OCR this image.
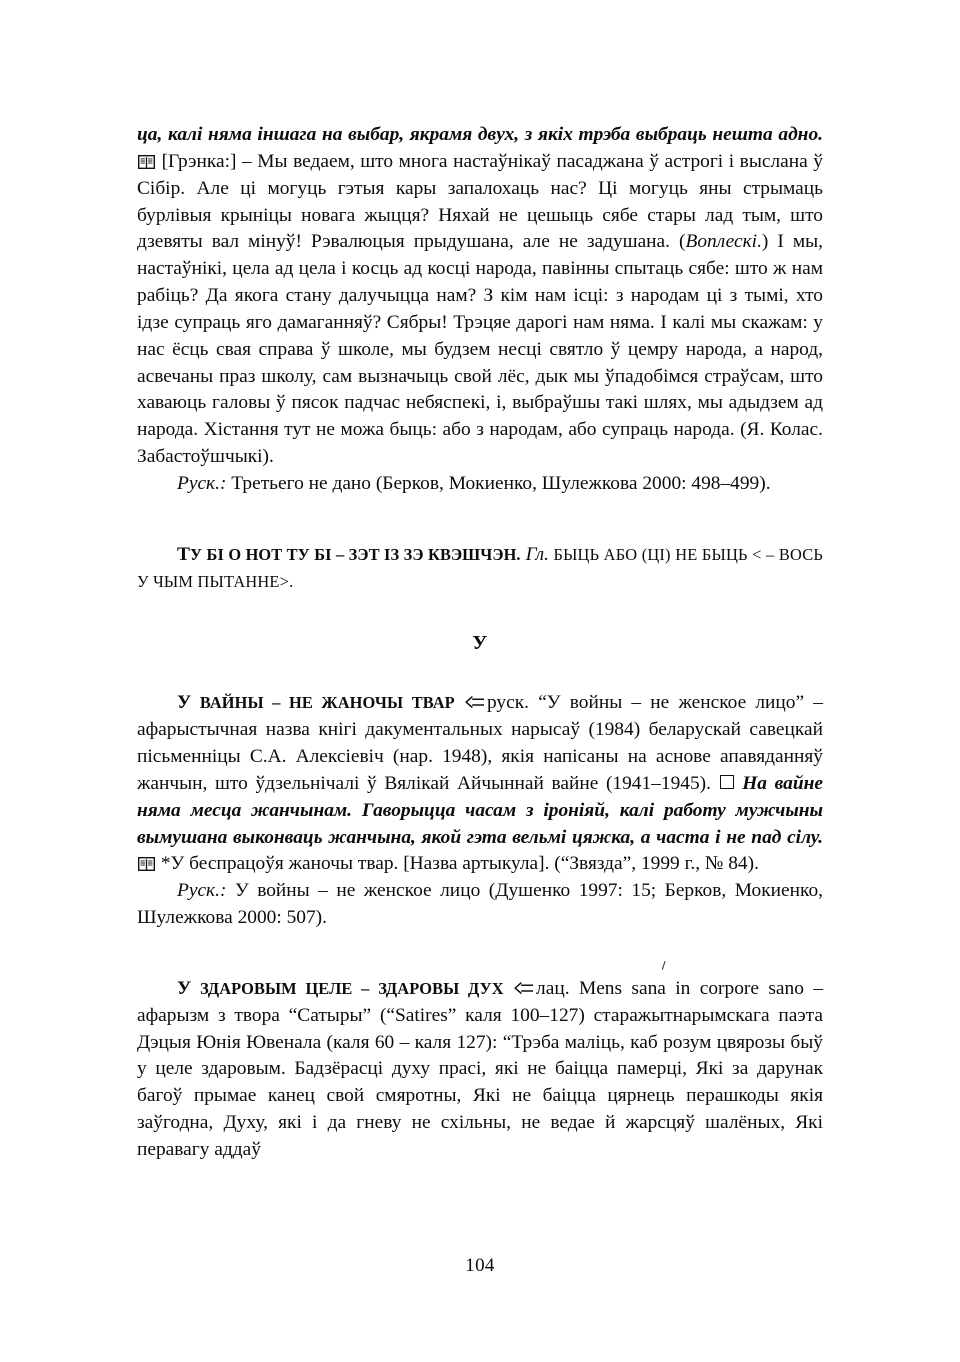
ца, калі няма іншага на выбар, якрамя двух, з якіх трэба выбраць нешта адно.
[Грэнка:] – Мы ведаем, што многа настаўнікаў пасаджана ў астрогі і выслана ў Сібір. Але ці могуць гэтыя кары запалохаць нас? Ці могуць яны стрымаць бурлівыя крыніцы новага жыцця? Няхай не цешыць сябе стары лад тым, што дзевяты вал мінуў! Рэвалюцыя прыдушана, але не задушана. (Воплескі.) І мы, настаўнікі, цела ад цела і косць ад косці народа, павінны спытаць сябе: што ж нам рабіць? Да якога стану далучыцца нам? З кім нам ісці: з народам ці з тымі, хто ідзе супраць яго дамаганняў? Сябры! Трэцяе дарогі нам няма. І калі мы скажам: у нас ёсць свая справа ў школе, мы будзем несці святло ў цемру народа, а народ, асвечаны праз школу, сам вызначыць свой лёс, дык мы ўпадобімся страўсам, што хаваюць галовы ў пясок падчас небяспекі, і, выбраўшы такі шлях, мы адыдзем ад народа. Хістання тут не можа быць: або з народам, або супраць народа. (Я. Колас. Забастоўшчыкі).

Руск.: Третьего не дано (Берков, Мокиенко, Шулежкова 2000: 498–499).

ТУ БІ О НОТ ТУ БІ – ЗЭТ ІЗ ЗЭ КВЭШЧЭН. Гл. БЫЦЬ АБО (ЦІ) НЕ БЫЦЬ < – ВОСЬ У ЧЫМ ПЫТАННЕ>.

У

У ВАЙНЫ – НЕ ЖАНОЧЫ ТВАР руск. “У войны – не женское лицо” – афарыстычная назва кнігі дакументальных нарысаў (1984) беларускай савецкай пісьменніцы С.А. Алексіевіч (нар. 1948), якія напісаны на аснове апавяданняў жанчын, што ўдзельнічалі ў Вялікай Айчыннай вайне (1941–1945). На вайне няма месца жанчынам. Гаворыцца часам з іроніяй, калі работу мужчыны вымушана выконваць жанчына, якой гэта вельмі цяжка, а часта і не пад сілу.
*У беспрацоўя жаночы твар. [Назва артыкула]. (“Звязда”, 1999 г., № 84).

Руск.: У войны – не женское лицо (Душенко 1997: 15; Берков, Мокиенко, Шулежкова 2000: 507).

У ЗДАРОВЫМ ЦЕЛЕ – ЗДАРОВЫ ДУХ лац. Mens sana in corpore sano – афарызм з твора “Сатыры” (“Satires” каля 100–127) старажытнарымскага паэта Дэцыя Юнія Ювенала (каля 60 – каля 127): “Трэба маліць, каб розум цвярозы быў у целе здаровым. Бадзёрасці духу прасі, які не баіцца памерці, Які за дарунак багоў прымае канец свой смяротны, Які не баіцца цярнець перашкоды якія заўгодна, Духу, які і да гневу не схільны, не ведае й жарсцяў шалёных, Які перавагу аддаў

104
